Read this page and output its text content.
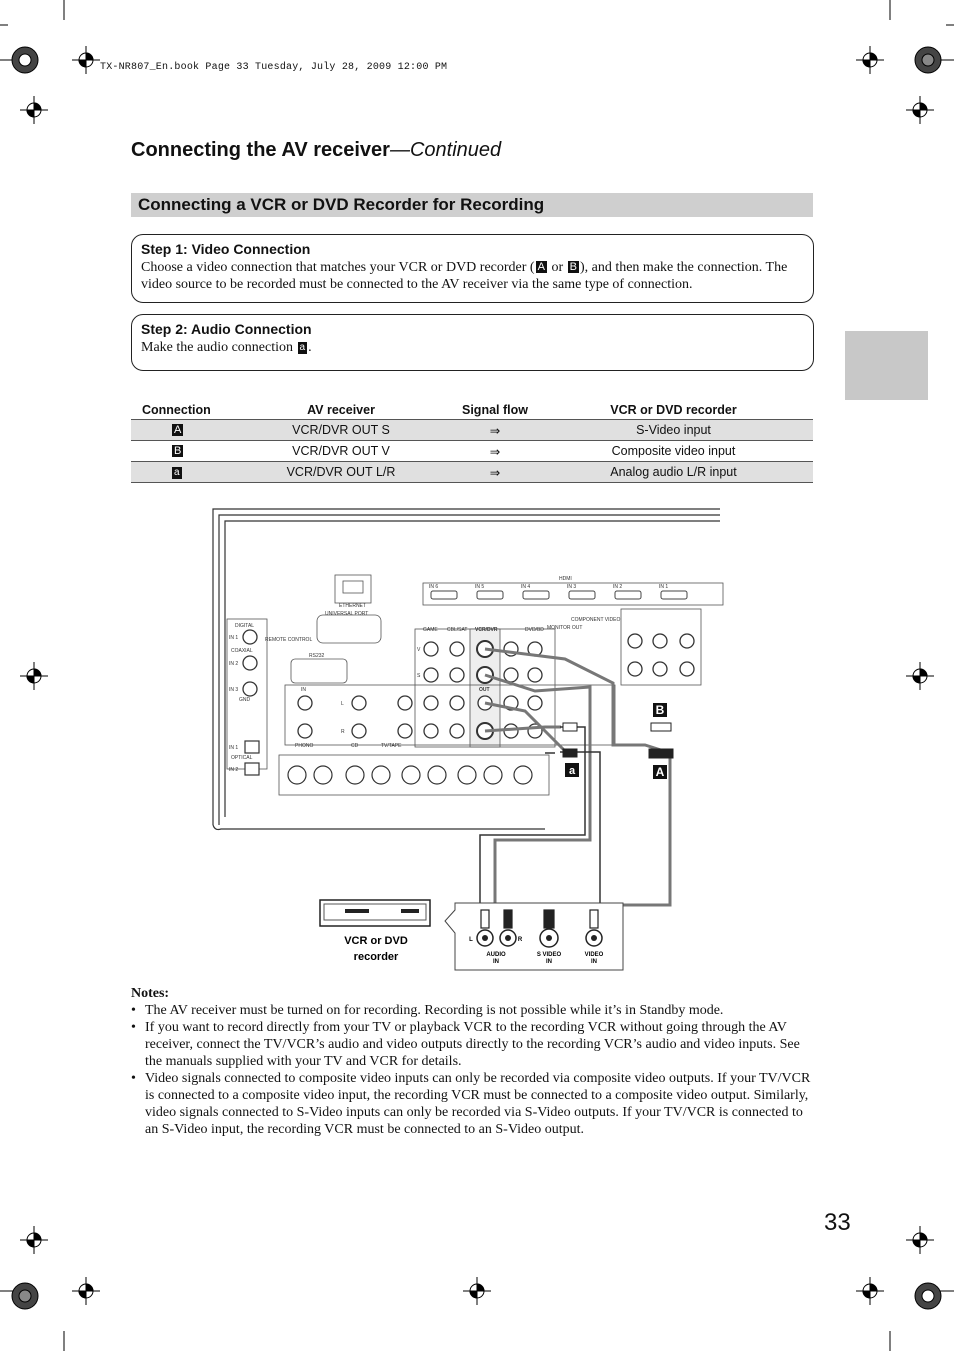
TX-NR807_En.book Page 33 Tuesday, July 28, 2009 12:00 PM
Connecting the AV receiver—Continued
Connecting a VCR or DVD Recorder for Recording
Step 1: Video Connection
Choose a video connection that matches your VCR or DVD recorder ( A or B ), and then make the connection. The video source to be recorded must be connected to the AV receiver via the same type of connection.
Step 2: Audio Connection
Make the audio connection a .
Connection	AV receiver	Signal flow	VCR or DVD recorder
A	VCR/DVR OUT S	⇒	S-Video input
B	VCR/DVR OUT V	⇒	Composite video input
a	VCR/DVR OUT L/R	⇒	Analog audio L/R input
B
a	A
ETHERNET
UNIVERSAL PORT
DIGITAL
COAXIAL
OPTICAL
RS232
REMOTE CONTROL
GND
HDMI
COMPONENT VIDEO
MONITOR OUT
GAME CBL/SAT VCR/DVR	DVD/BD
PHONO	CD	TV/TAPE
IN	OUT
L
R
V
S
IN 6	IN 5	IN 4	IN 3	IN 2	IN 1
IN 1
IN 2
IN 3
IN 1
IN 2
VCR or DVD recorder
L	R
AUDIO
IN
S VIDEO
IN
VIDEO
IN
Notes:
• The AV receiver must be turned on for recording. Recording is not possible while it’s in Standby mode.
• If you want to record directly from your TV or playback VCR to the recording VCR without going through the AV receiver, connect the TV/VCR’s audio and video outputs directly to the recording VCR’s audio and video inputs. See the manuals supplied with your TV and VCR for details.
• Video signals connected to composite video inputs can only be recorded via composite video outputs. If your TV/VCR is connected to a composite video input, the recording VCR must be connected to a composite video output. Similarly, video signals connected to S-Video inputs can only be recorded via S-Video outputs. If your TV/VCR is connected to an S-Video input, the recording VCR must be connected to an S-Video output.
33
